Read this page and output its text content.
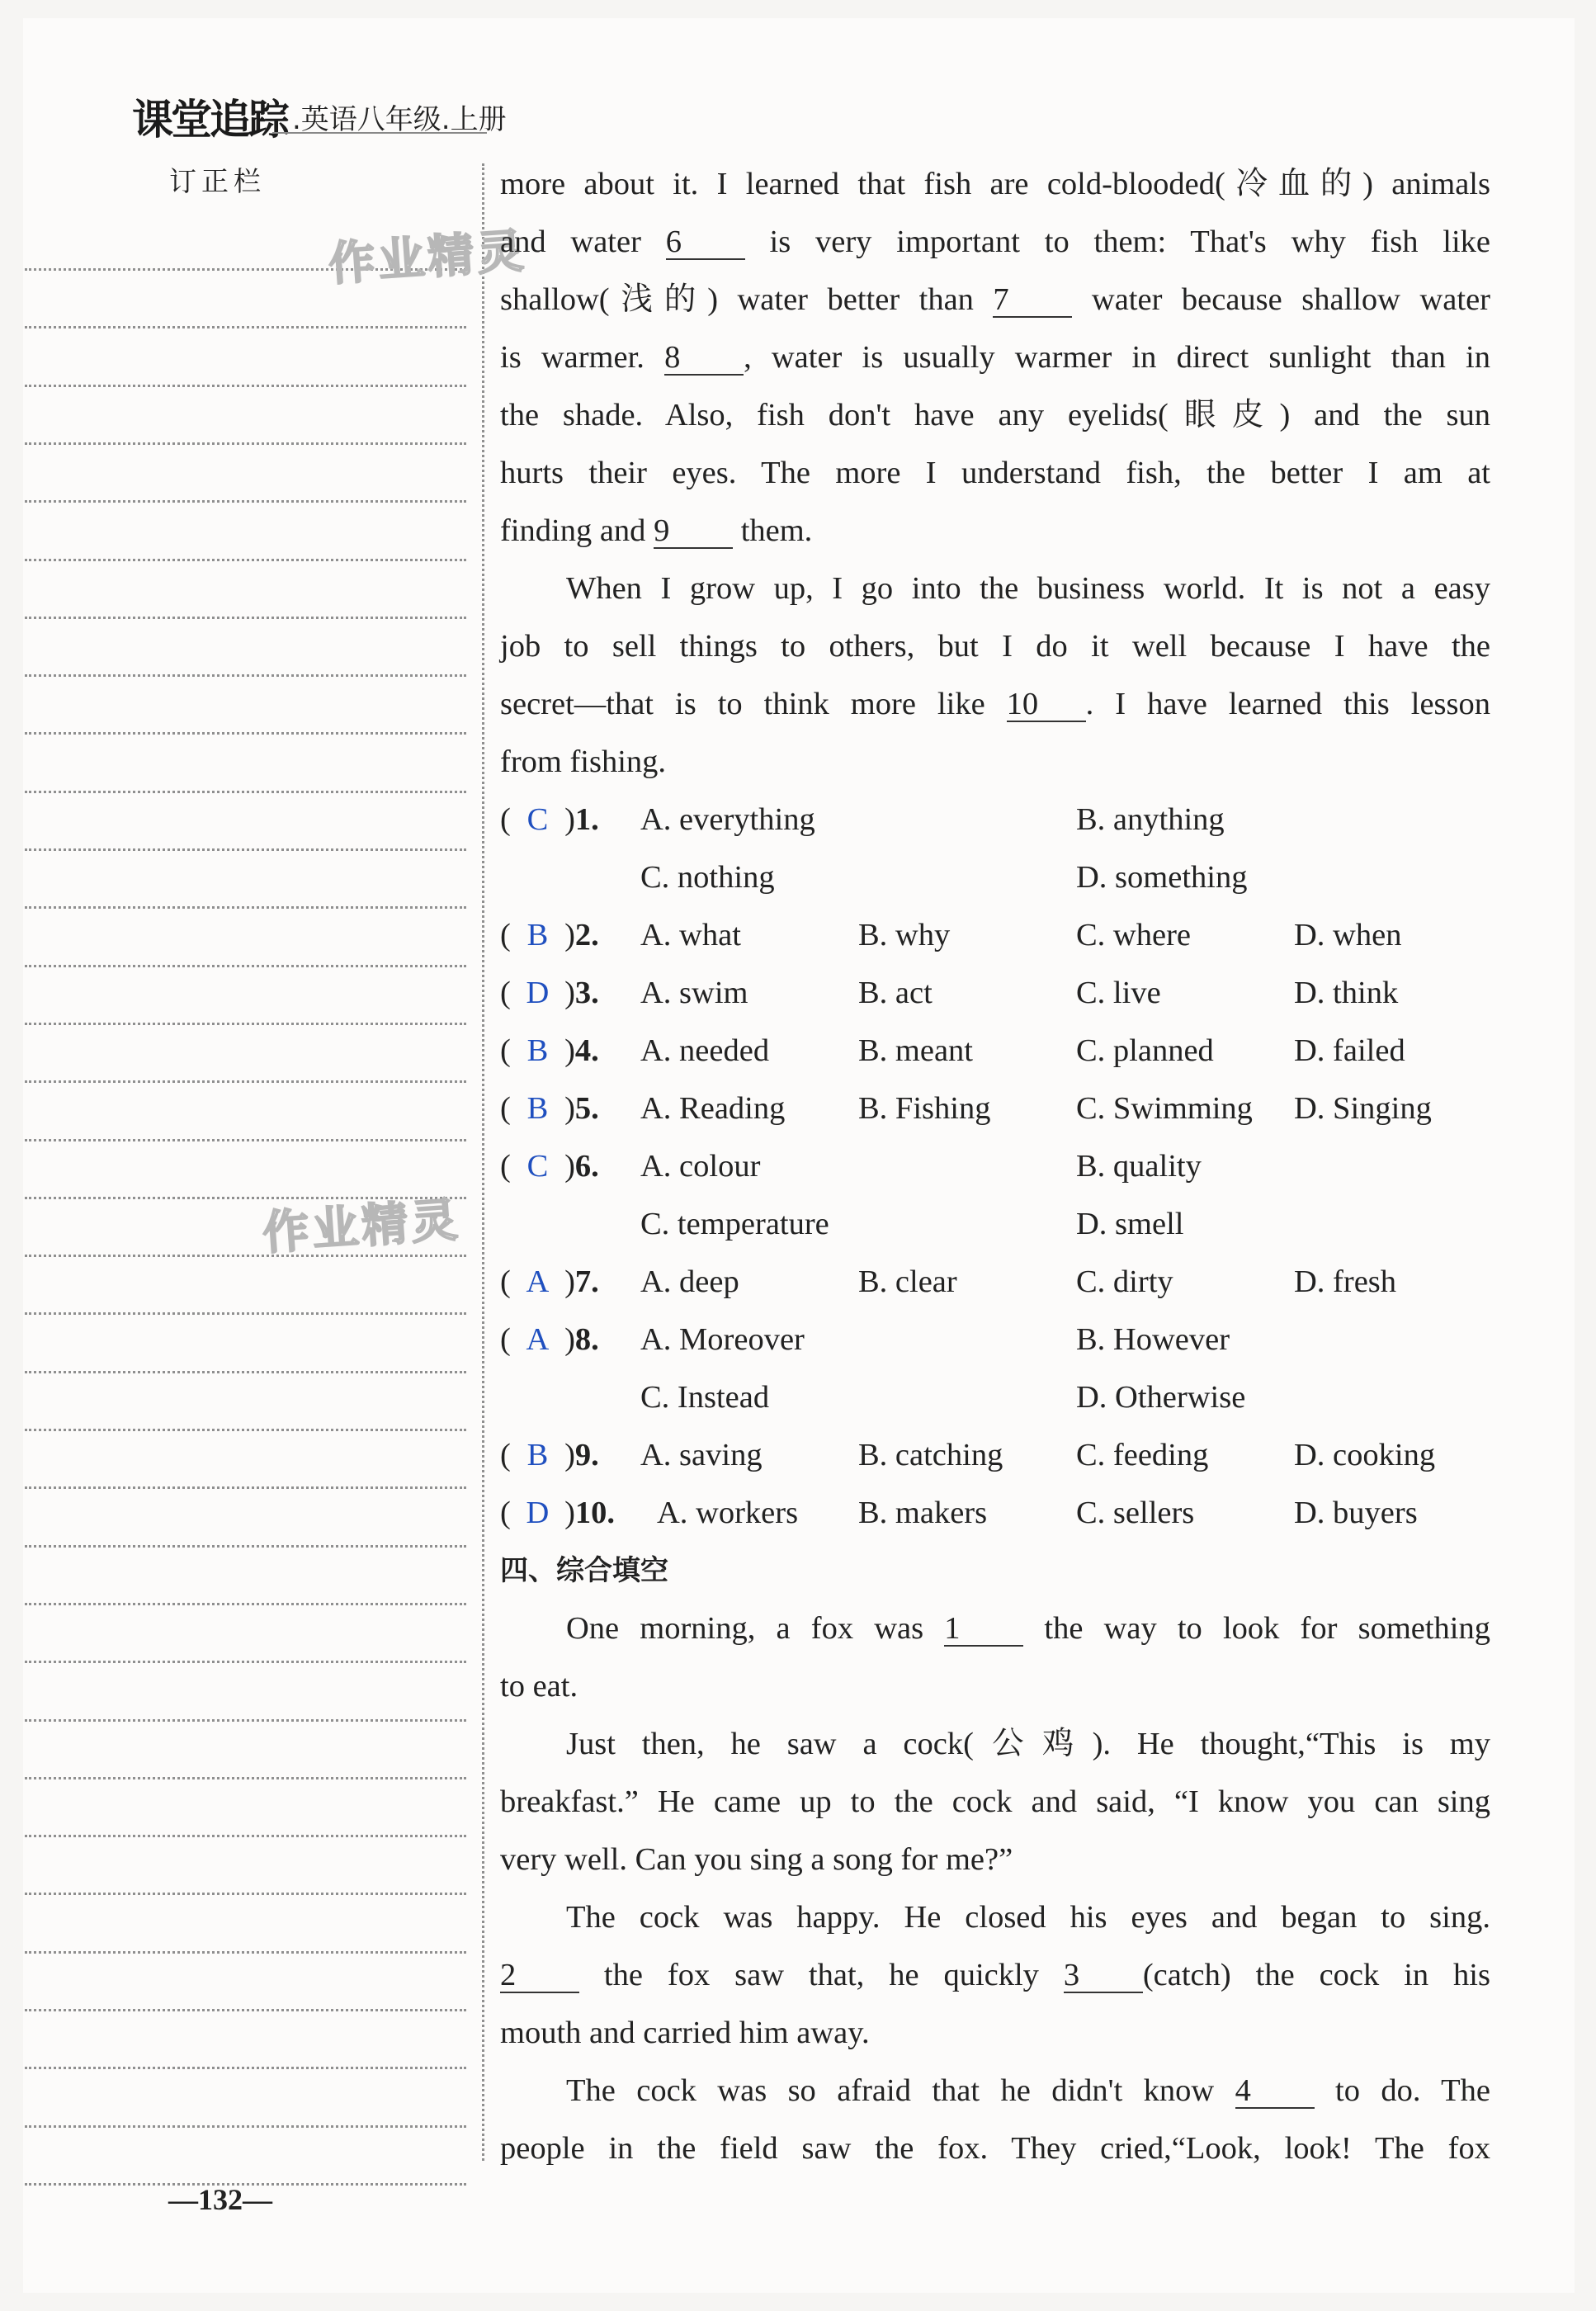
课堂追踪 .英语八年级.上册
订正栏
作业精灵
作业精灵

more about it. I learned that fish are cold-blooded(冷血的) animals

and water 6 is very important to them: That's why fish like

shallow(浅的) water better than 7 water because shallow water

is warmer. 8 , water is usually warmer in direct sunlight than in

the shade. Also, fish don't have any eyelids(眼皮) and the sun

hurts their eyes. The more I understand fish, the better I am at

finding and 9 them.

When I grow up, I go into the business world. It is not a easy

job to sell things to others, but I do it well because I have the

secret—that is to think more like 10 . I have learned this lesson

from fishing.

( C )1.	A. everything	B. anything
C. nothing	D. something
( B )2.	A. what	B. why	C. where	D. when
( D )3.	A. swim	B. act	C. live	D. think
( B )4.	A. needed	B. meant	C. planned	D. failed
( B )5.	A. Reading	B. Fishing	C. Swimming	D. Singing
( C )6.	A. colour	B. quality
C. temperature	D. smell
( A )7.	A. deep	B. clear	C. dirty	D. fresh
( A )8.	A. Moreover	B. However
C. Instead	D. Otherwise
( B )9.	A. saving	B. catching	C. feeding	D. cooking
( D )10.	A. workers	B. makers	C. sellers	D. buyers
四、综合填空

One morning, a fox was 1 the way to look for something

to eat.

Just then, he saw a cock(公鸡). He thought,“This is my

breakfast.” He came up to the cock and said, “I know you can sing

very well. Can you sing a song for me?”

The cock was happy. He closed his eyes and began to sing.

2 the fox saw that, he quickly 3 (catch) the cock in his

mouth and carried him away.

The cock was so afraid that he didn't know 4 to do. The

people in the field saw the fox. They cried,“Look, look! The fox

—132—
